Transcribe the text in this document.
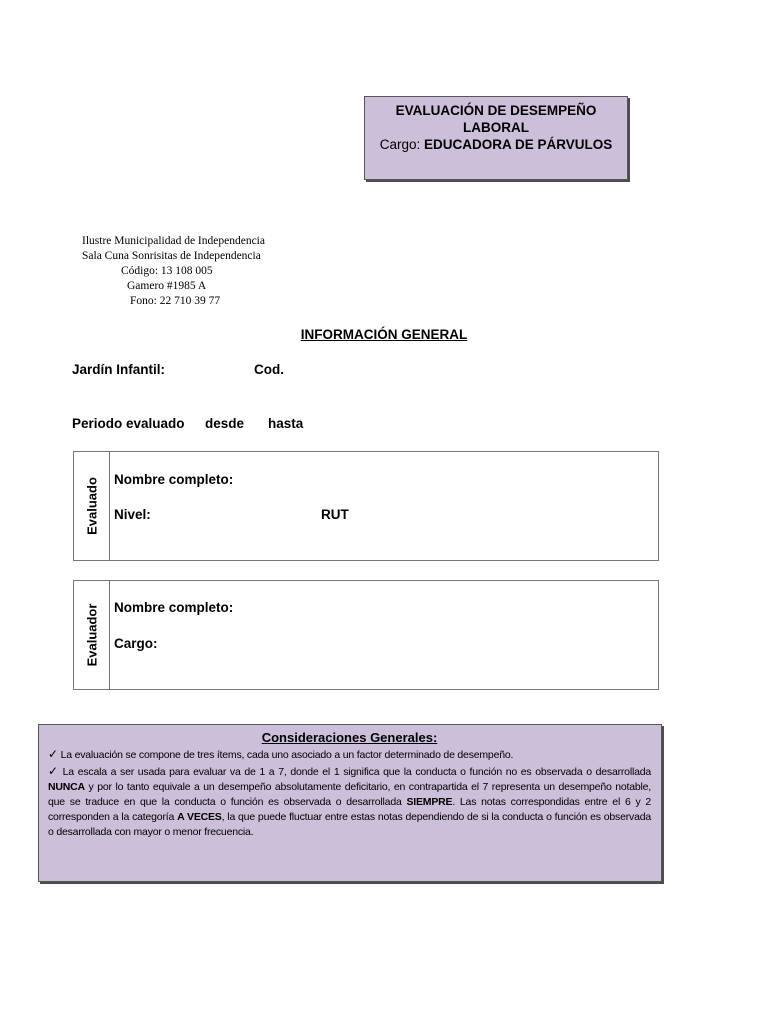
EVALUACIÓN DE DESEMPEÑO
LABORAL
Cargo: EDUCADORA DE PÁRVULOS
Ilustre Municipalidad de Independencia
Sala Cuna Sonrisitas de Independencia
Código: 13 108 005
Gamero #1985 A
Fono: 22 710 39 77
INFORMACIÓN GENERAL
Jardín Infantil:	Cod.
Periodo evaluado desde hasta
Evaluado Nombre completo:
Nivel:	RUT
Evaluador Nombre completo:
Cargo:
Consideraciones Generales:

✓ La evaluación se compone de tres ítems, cada uno asociado a un factor determinado de desempeño.

✓ La escala a ser usada para evaluar va de 1 a 7, donde el 1 significa que la conducta o función no es observada o desarrollada NUNCA y por lo tanto equivale a un desempeño absolutamente deficitario, en contrapartida el 7 representa un desempeño notable, que se traduce en que la conducta o función es observada o desarrollada SIEMPRE. Las notas correspondidas entre el 6 y 2 corresponden a la categoría A VECES, la que puede fluctuar entre estas notas dependiendo de si la conducta o función es observada o desarrollada con mayor o menor frecuencia.
